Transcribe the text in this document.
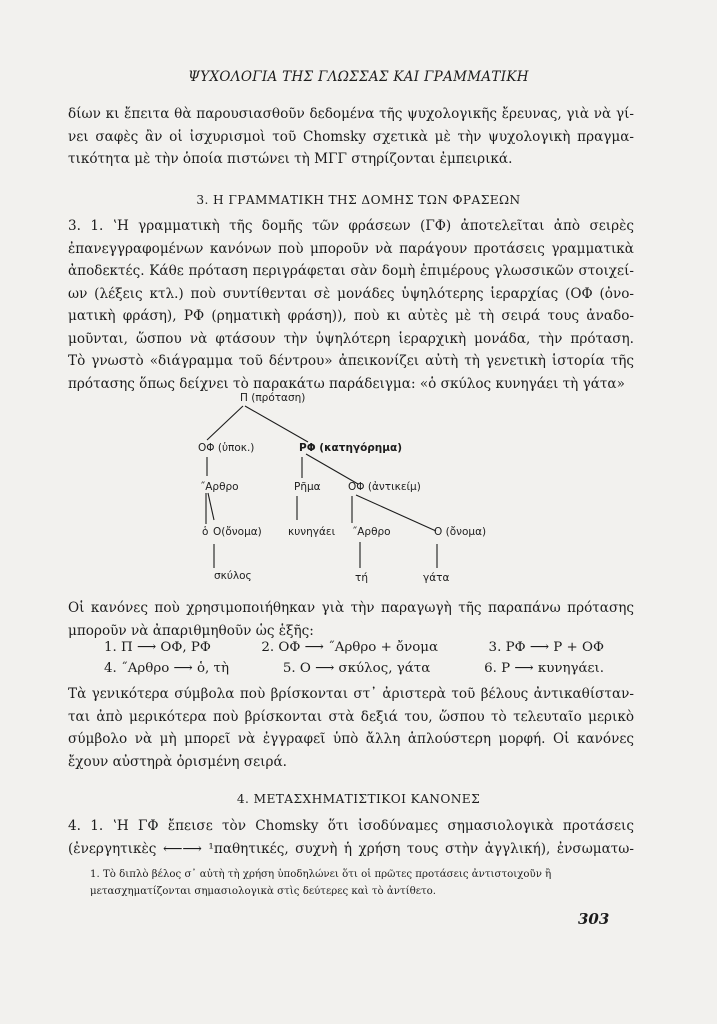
ΨΥΧΟΛΟΓΙΑ ΤΗΣ ΓΛΩΣΣΑΣ ΚΑΙ ΓΡΑΜΜΑΤΙΚΗ
δίων κι ἔπειτα θὰ παρουσιασθοῦν δεδομένα τῆς ψυχολογικῆς ἔρευνας, γιὰ νὰ γί-
νει σαφὲς ἂν οἱ ἰσχυρισμοὶ τοῦ Chomsky σχετικὰ μὲ τὴν ψυχολογικὴ πραγμα-
τικότητα μὲ τὴν ὁποία πιστώνει τὴ ΜΓΓ στηρίζονται ἐμπειρικά.
3. Η ΓΡΑΜΜΑΤΙΚΗ ΤΗΣ ΔΟΜΗΣ ΤΩΝ ΦΡΑΣΕΩΝ
3. 1. ʽΗ γραμματικὴ τῆς δομῆς τῶν φράσεων (ΓΦ) ἀποτελεῖται ἀπὸ σειρὲς
ἐπανεγγραφομένων κανόνων ποὺ μποροῦν νὰ παράγουν προτάσεις γραμματικὰ
ἀποδεκτές. Κάθε πρόταση περιγράφεται σὰν δομὴ ἐπιμέρους γλωσσικῶν στοιχεί-
ων (λέξεις κτλ.) ποὺ συντίθενται σὲ μονάδες ὑψηλότερης ἱεραρχίας (ΟΦ (ὀνο-
ματικὴ φράση), ΡΦ (ρηματικὴ φράση)), ποὺ κι αὐτὲς μὲ τὴ σειρά τους ἀναδο-
μοῦνται, ὥσπου νὰ φτάσουν τὴν ὑψηλότερη ἱεραρχικὴ μονάδα, τὴν πρόταση.
Τὸ γνωστὸ «διάγραμμα τοῦ δέντρου» ἀπεικονίζει αὐτὴ τὴ γενετικὴ ἱστορία τῆς
πρότασης ὅπως δείχνει τὸ παρακάτω παράδειγμα: «ὁ σκύλος κυνηγάει τὴ γάτα»
Π (πρόταση)
ΟΦ (ὑποκ.)	ΡΦ (κατηγόρημα)
˝Αρθρο	Ρῆμα	ΟΦ (ἀντικείμ)
ὁ Ο(ὄνομα) κυνηγάει ˝Αρθρο	Ο (ὄνομα)
σκύλος	τή	γάτα
Οἱ κανόνες ποὺ χρησιμοποιήθηκαν γιὰ τὴν παραγωγὴ τῆς παραπάνω πρότασης
μποροῦν νὰ ἀπαριθμηθοῦν ὡς ἑξῆς:
1. Π ⟶ ΟΦ, ΡΦ	2. ΟΦ ⟶ ˝Αρθρο + ὄνομα	3. ΡΦ ⟶ Ρ + ΟΦ
4. ˝Αρθρο ⟶ ὁ, τὴ	5. Ο ⟶ σκύλος, γάτα	6. Ρ ⟶ κυνηγάει.
Τὰ γενικότερα σύμβολα ποὺ βρίσκονται στ᾽ ἀριστερὰ τοῦ βέλους ἀντικαθίσταν-
ται ἀπὸ μερικότερα ποὺ βρίσκονται στὰ δεξιά του, ὥσπου τὸ τελευταῖο μερικὸ
σύμβολο νὰ μὴ μπορεῖ νὰ ἐγγραφεῖ ὑπὸ ἄλλη ἁπλούστερη μορφή. Οἱ κανόνες
ἔχουν αὐστηρὰ ὁρισμένη σειρά.
4. ΜΕΤΑΣΧΗΜΑΤΙΣΤΙΚΟΙ ΚΑΝΟΝΕΣ
4. 1. ʽΗ ΓΦ ἔπεισε τὸν Chomsky ὅτι ἰσοδύναμες σημασιολογικὰ προτάσεις
(ἐνεργητικὲς ⟵⟶ ¹παθητικές, συχνὴ ἡ χρήση τους στὴν ἀγγλική), ἐνσωματω-
1. Τὸ διπλὸ βέλος σ᾽ αὐτὴ τὴ χρήση ὑποδηλώνει ὅτι οἱ πρῶτες προτάσεις ἀντιστοιχοῦν ἢ
μετασχηματίζονται σημασιολογικὰ στὶς δεύτερες καὶ τὸ ἀντίθετο.
303
